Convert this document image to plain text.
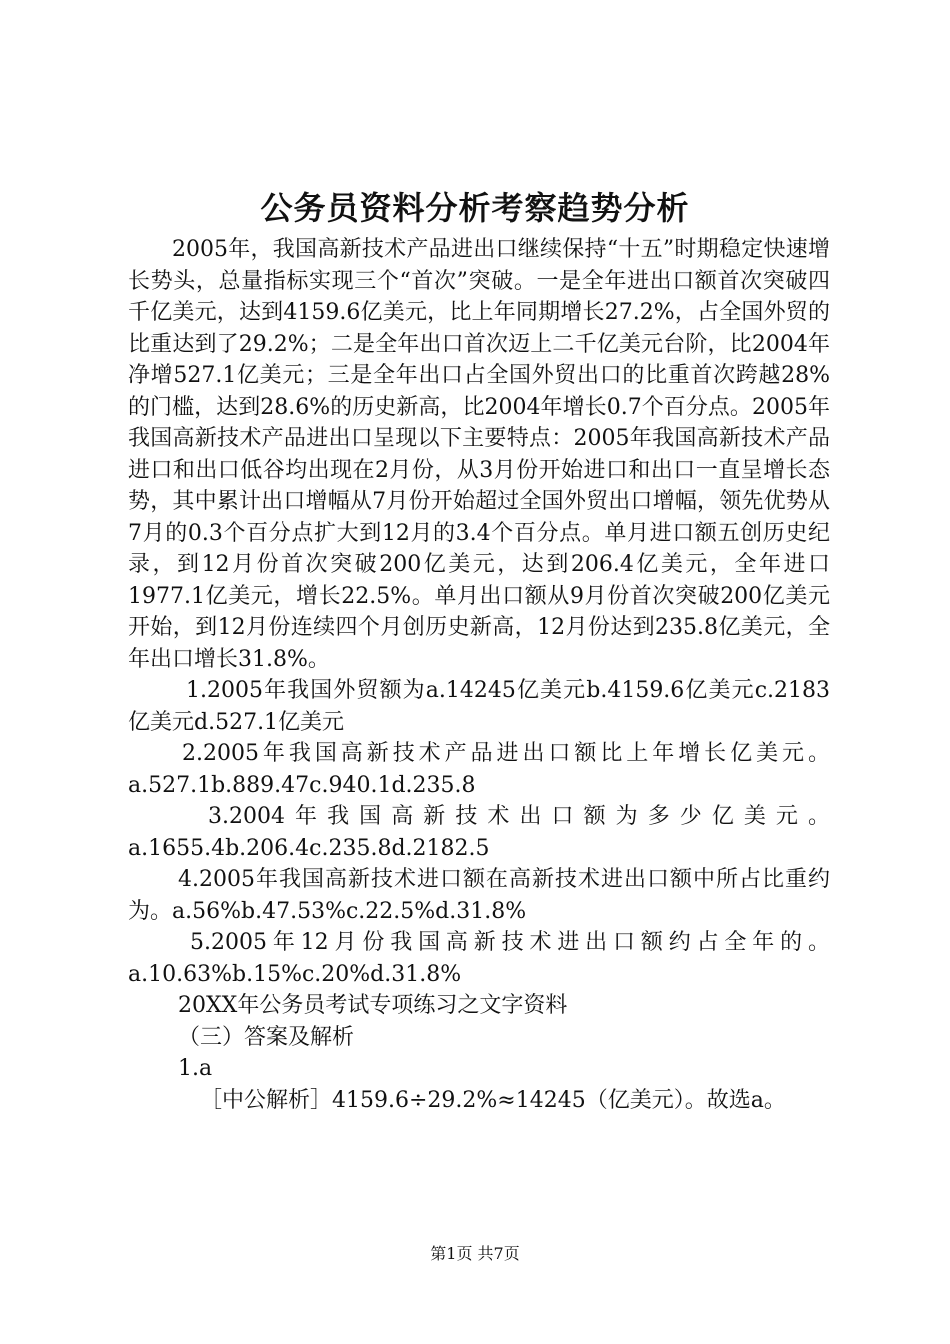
公务员资料分析考察趋势分析

2005年，我国高新技术产品进出口继续保持“十五”时期稳定快速增长势头，总量指标实现三个“首次”突破。一是全年进出口额首次突破四千亿美元，达到4159.6亿美元，比上年同期增长27.2%，占全国外贸的比重达到了29.2%；二是全年出口首次迈上二千亿美元台阶，比2004年净增527.1亿美元；三是全年出口占全国外贸出口的比重首次跨越28%的门槛，达到28.6%的历史新高，比2004年增长0.7个百分点。2005年我国高新技术产品进出口呈现以下主要特点：2005年我国高新技术产品进口和出口低谷均出现在2月份，从3月份开始进口和出口一直呈增长态势，其中累计出口增幅从7月份开始超过全国外贸出口增幅，领先优势从7月的0.3个百分点扩大到12月的3.4个百分点。单月进口额五创历史纪录，到12月份首次突破200亿美元，达到206.4亿美元，全年进口1977.1亿美元，增长22.5%。单月出口额从9月份首次突破200亿美元开始，到12月份连续四个月创历史新高，12月份达到235.8亿美元，全年出口增长31.8%。

1.2005年我国外贸额为a.14245亿美元b.4159.6亿美元c.2183亿美元d.527.1亿美元

2.2005年我国高新技术产品进出口额比上年增长亿美元。a.527.1b.889.47c.940.1d.235.8

3.2004年我国高新技术出口额为多少亿美元。a.1655.4b.206.4c.235.8d.2182.5

4.2005年我国高新技术进口额在高新技术进出口额中所占比重约为。a.56%b.47.53%c.22.5%d.31.8%

5.2005年12月份我国高新技术进出口额约占全年的。a.10.63%b.15%c.20%d.31.8%

20XX年公务员考试专项练习之文字资料

（三）答案及解析

1.a

［中公解析］4159.6÷29.2%≈14245（亿美元）。故选a。

第1页 共7页
